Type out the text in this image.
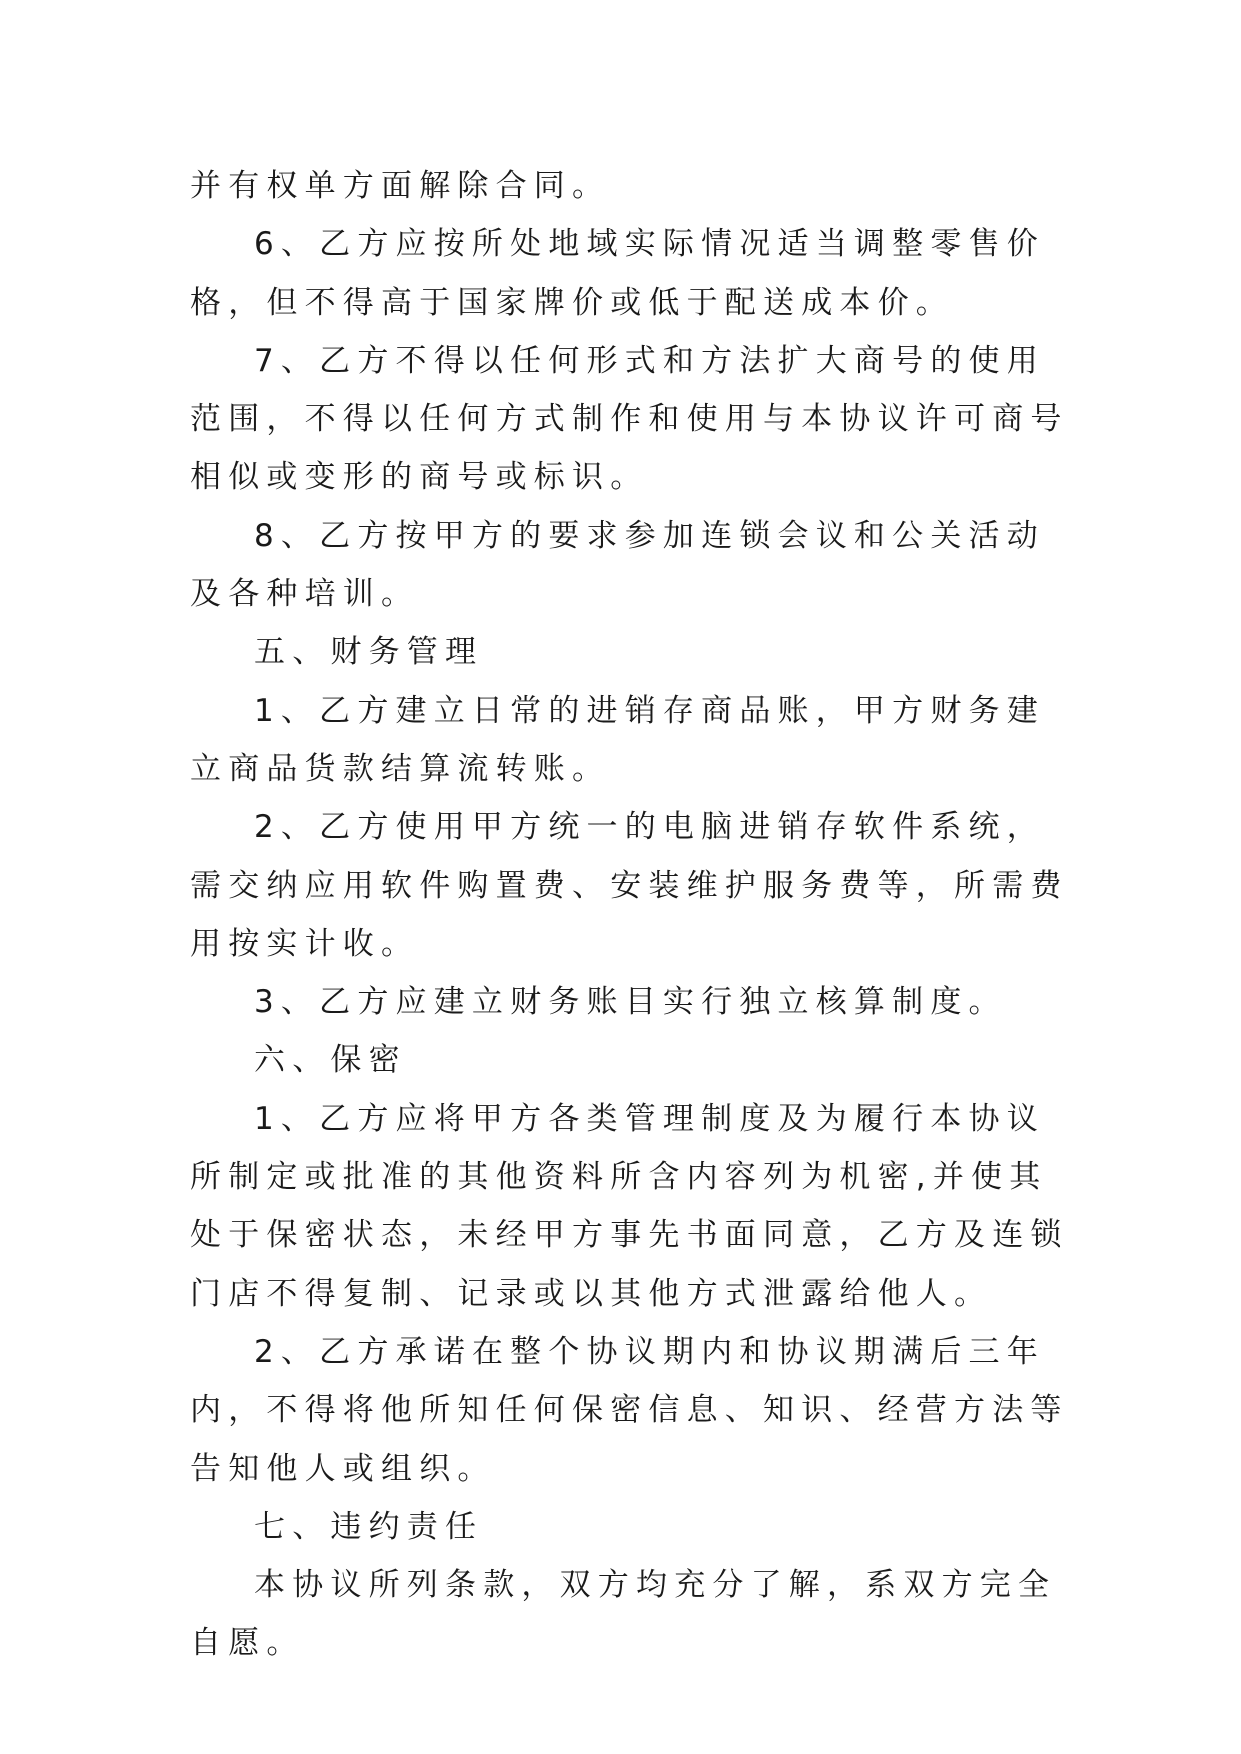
并有权单方面解除合同。

6、乙方应按所处地域实际情况适当调整零售价格，但不得高于国家牌价或低于配送成本价。

7、乙方不得以任何形式和方法扩大商号的使用范围，不得以任何方式制作和使用与本协议许可商号相似或变形的商号或标识。

8、乙方按甲方的要求参加连锁会议和公关活动及各种培训。

五、财务管理

1、乙方建立日常的进销存商品账，甲方财务建立商品货款结算流转账。

2、乙方使用甲方统一的电脑进销存软件系统，需交纳应用软件购置费、安装维护服务费等，所需费用按实计收。

3、乙方应建立财务账目实行独立核算制度。

六、保密

1、乙方应将甲方各类管理制度及为履行本协议所制定或批准的其他资料所含内容列为机密,并使其处于保密状态，未经甲方事先书面同意，乙方及连锁门店不得复制、记录或以其他方式泄露给他人。

2、乙方承诺在整个协议期内和协议期满后三年内，不得将他所知任何保密信息、知识、经营方法等告知他人或组织。

七、违约责任

本协议所列条款，双方均充分了解，系双方完全自愿。
